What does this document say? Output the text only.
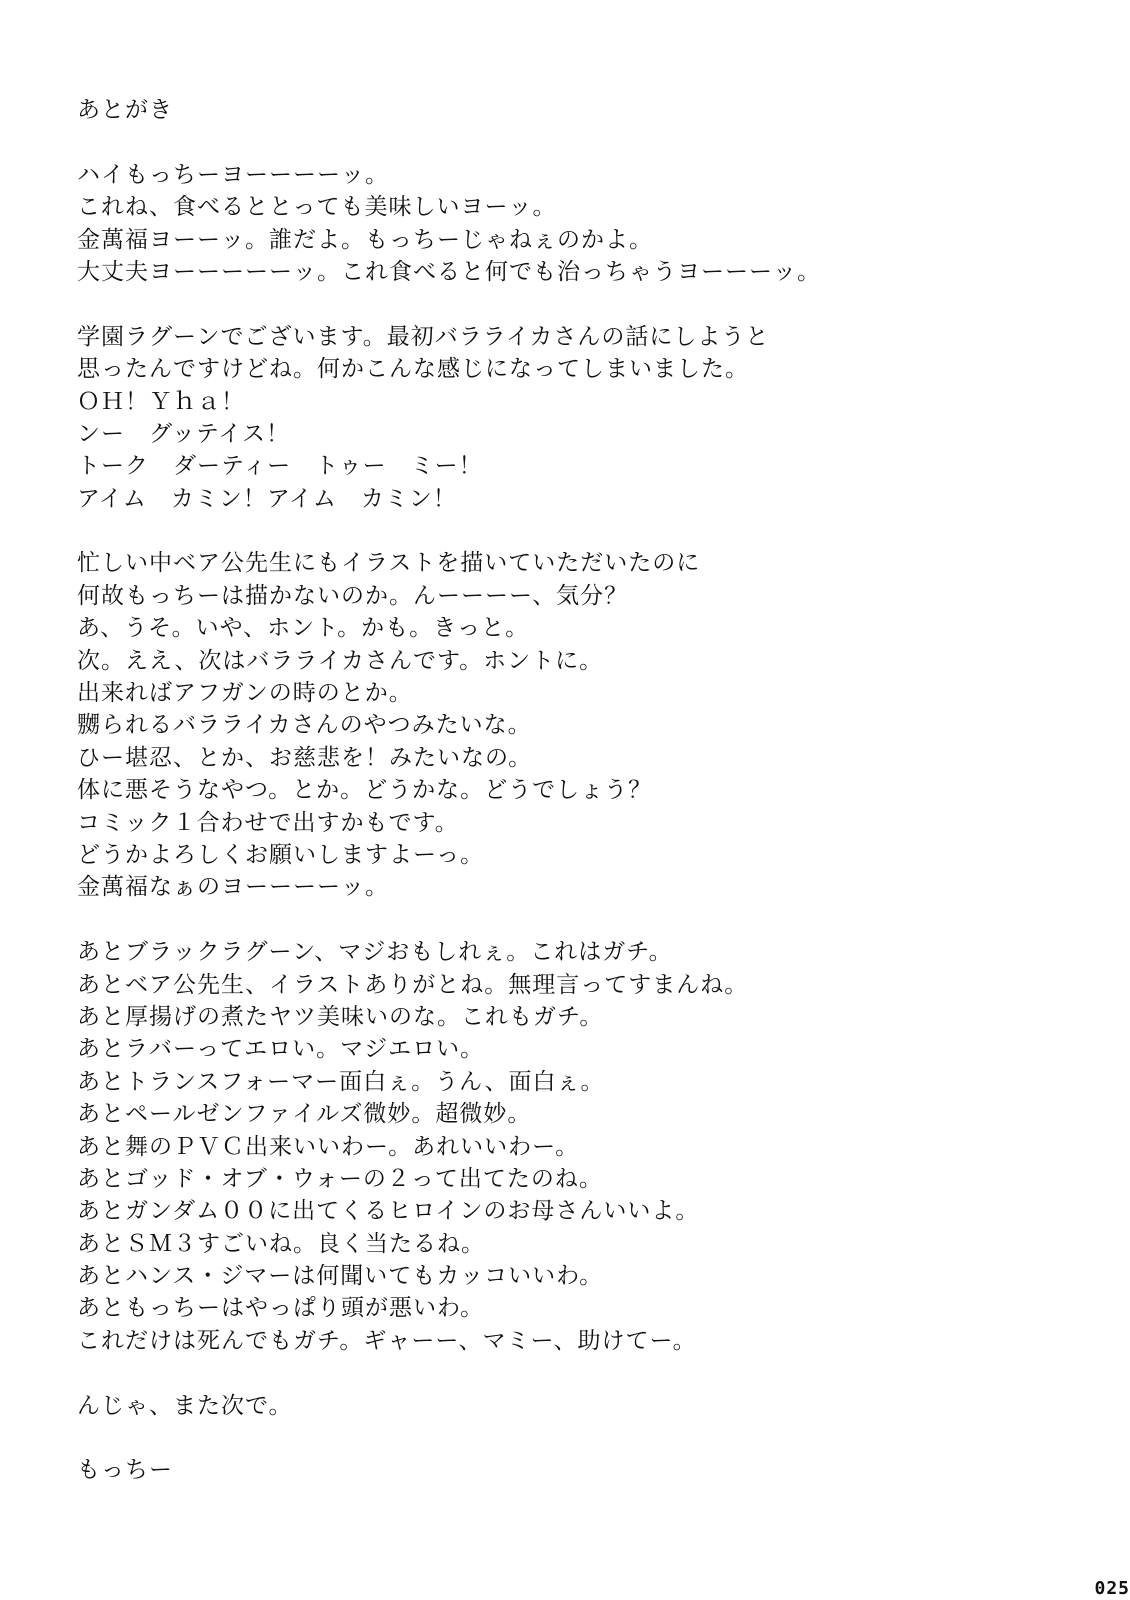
あとがき
ハイもっちーヨーーーーッ。
これね、食べるととっても美味しいヨーッ。
金萬福ヨーーッ。誰だよ。もっちーじゃねぇのかよ。
大丈夫ヨーーーーーッ。これ食べると何でも治っちゃうヨーーーッ。
学園ラグーンでございます。最初バラライカさんの話にしようと
思ったんですけどね。何かこんな感じになってしまいました。
ＯＨ！Ｙｈａ！
ンー　グッテイス！
トーク　ダーティー　トゥー　ミー！
アイム　カミン！アイム　カミン！
忙しい中ベア公先生にもイラストを描いていただいたのに
何故もっちーは描かないのか。んーーーー、気分？
あ、うそ。いや、ホント。かも。きっと。
次。ええ、次はバラライカさんです。ホントに。
出来ればアフガンの時のとか。
嬲られるバラライカさんのやつみたいな。
ひー堪忍、とか、お慈悲を！みたいなの。
体に悪そうなやつ。とか。どうかな。どうでしょう？
コミック１合わせで出すかもです。
どうかよろしくお願いしますよーっ。
金萬福なぁのヨーーーーッ。
あとブラックラグーン、マジおもしれぇ。これはガチ。
あとベア公先生、イラストありがとね。無理言ってすまんね。
あと厚揚げの煮たヤツ美味いのな。これもガチ。
あとラバーってエロい。マジエロい。
あとトランスフォーマー面白ぇ。うん、面白ぇ。
あとペールゼンファイルズ微妙。超微妙。
あと舞のＰＶＣ出来いいわー。あれいいわー。
あとゴッド・オブ・ウォーの２って出てたのね。
あとガンダム００に出てくるヒロインのお母さんいいよ。
あとＳＭ３すごいね。良く当たるね。
あとハンス・ジマーは何聞いてもカッコいいわ。
あともっちーはやっぱり頭が悪いわ。
これだけは死んでもガチ。ギャーー、マミー、助けてー。
んじゃ、また次で。
もっちー
025
